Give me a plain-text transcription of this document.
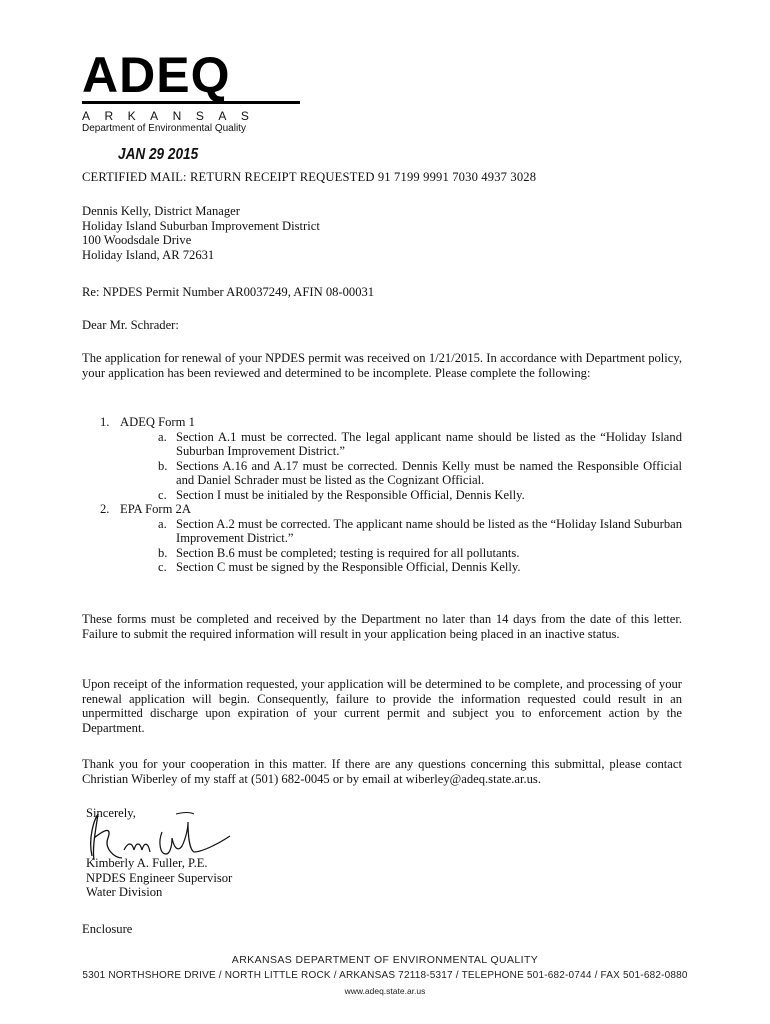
ADEQ
ARKANSAS
Department of Environmental Quality
JAN 29 2015
CERTIFIED MAIL: RETURN RECEIPT REQUESTED 91 7199 9991 7030 4937 3028
Dennis Kelly, District Manager
Holiday Island Suburban Improvement District
100 Woodsdale Drive
Holiday Island, AR 72631
Re: NPDES Permit Number AR0037249, AFIN 08-00031
Dear Mr. Schrader:
The application for renewal of your NPDES permit was received on 1/21/2015. In accordance with Department policy, your application has been reviewed and determined to be incomplete. Please complete the following:
1. ADEQ Form 1
a. Section A.1 must be corrected. The legal applicant name should be listed as the “Holiday Island Suburban Improvement District.”
b. Sections A.16 and A.17 must be corrected. Dennis Kelly must be named the Responsible Official and Daniel Schrader must be listed as the Cognizant Official.
c. Section I must be initialed by the Responsible Official, Dennis Kelly.
2. EPA Form 2A
a. Section A.2 must be corrected. The applicant name should be listed as the “Holiday Island Suburban Improvement District.”
b. Section B.6 must be completed; testing is required for all pollutants.
c. Section C must be signed by the Responsible Official, Dennis Kelly.
These forms must be completed and received by the Department no later than 14 days from the date of this letter. Failure to submit the required information will result in your application being placed in an inactive status.
Upon receipt of the information requested, your application will be determined to be complete, and processing of your renewal application will begin. Consequently, failure to provide the information requested could result in an unpermitted discharge upon expiration of your current permit and subject you to enforcement action by the Department.
Thank you for your cooperation in this matter. If there are any questions concerning this submittal, please contact Christian Wiberley of my staff at (501) 682-0045 or by email at wiberley@adeq.state.ar.us.
Sincerely,
Kimberly A. Fuller, P.E.
NPDES Engineer Supervisor
Water Division
Enclosure
ARKANSAS DEPARTMENT OF ENVIRONMENTAL QUALITY
5301 NORTHSHORE DRIVE / NORTH LITTLE ROCK / ARKANSAS 72118-5317 / TELEPHONE 501-682-0744 / FAX 501-682-0880
www.adeq.state.ar.us
